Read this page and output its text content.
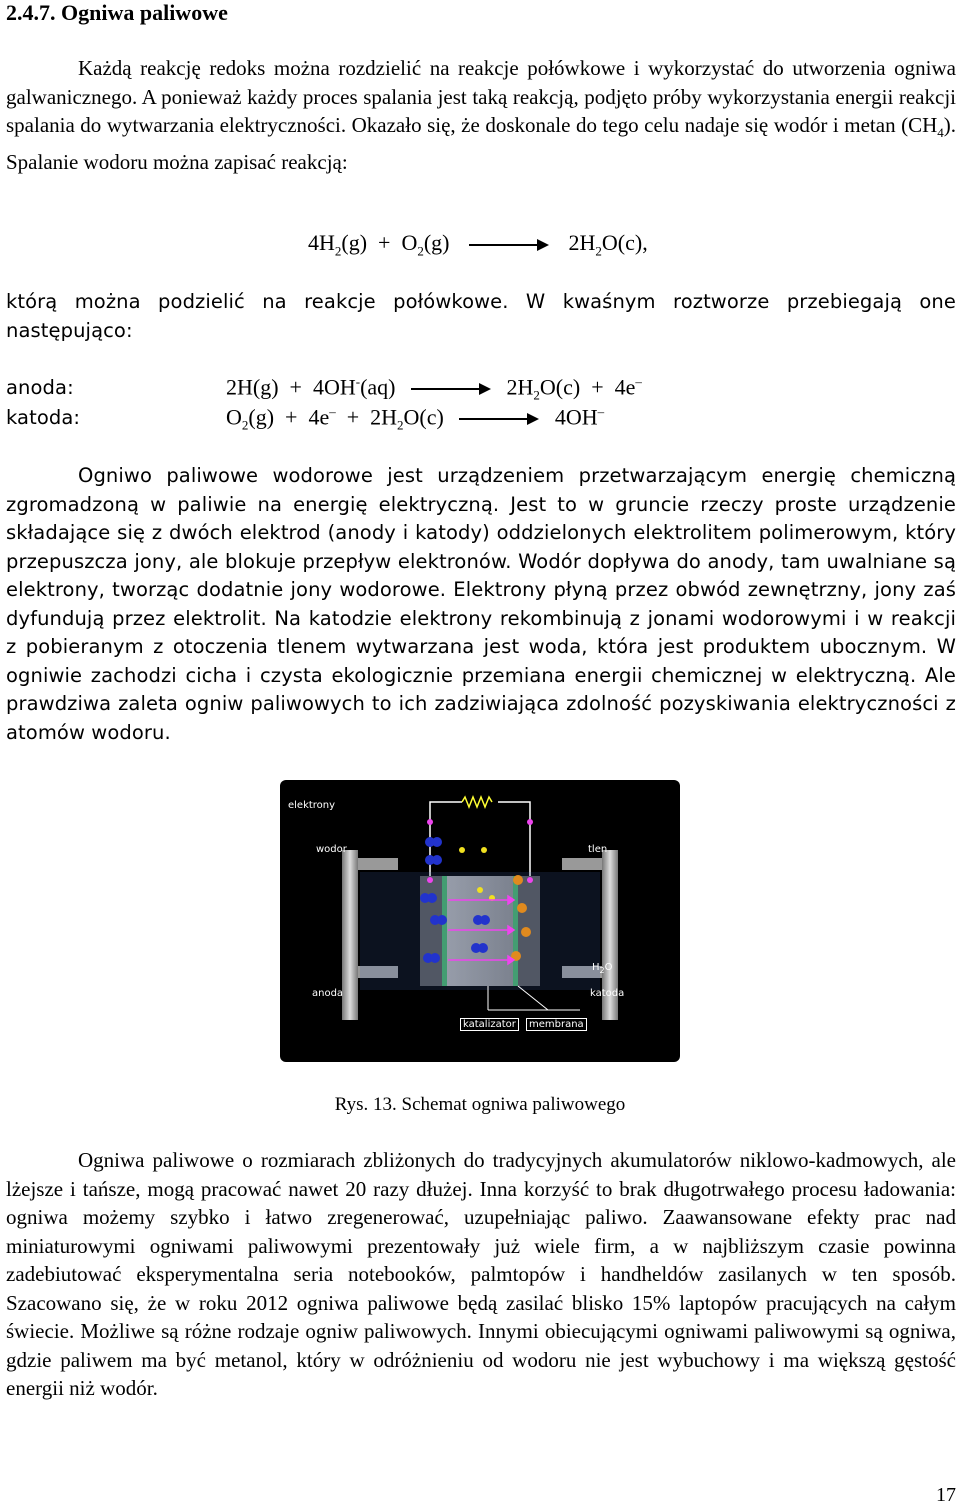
2.4.7. Ogniwa paliwowe
Każdą reakcję redoks można rozdzielić na reakcje połówkowe i wykorzystać do utworzenia ogniwa galwanicznego. A ponieważ każdy proces spalania jest taką reakcją, podjęto próby wykorzystania energii reakcji spalania do wytwarzania elektryczności. Okazało się, że doskonale do tego celu nadaje się wodór i metan $(CH_4)$. Spalanie wodoru można zapisać reakcją:
$4H_2(g) + O_2(g)$	$2H_2O(c)$,
którą można podzielić na reakcje połówkowe. W kwaśnym roztworze przebiegają one następująco:
anoda:	2H(g)  +  4OH-(aq)	$2H_2O(c) + 4e^-$
katoda:	$O_2(g) + 4e^- + 2H_2O(c)$	4OH–
Ogniwo paliwowe wodorowe jest urządzeniem przetwarzającym energię chemiczną zgromadzoną w paliwie na energię elektryczną. Jest to w gruncie rzeczy proste urządzenie składające się z dwóch elektrod (anody i katody) oddzielonych elektrolitem polimerowym, który przepuszcza jony, ale blokuje przepływ elektronów. Wodór dopływa do anody, tam uwalniane są elektrony, tworząc dodatnie jony wodorowe. Elektrony płyną przez obwód zewnętrzny, jony zaś dyfundują przez elektrolit. Na katodzie elektrony rekombinują z jonami wodorowymi i w reakcji z pobieranym z otoczenia tlenem wytwarzana jest woda, która jest produktem ubocznym. W ogniwie zachodzi cicha i czysta ekologicznie przemiana energii chemicznej w elektryczną. Ale prawdziwa zaleta ogniw paliwowych to ich zadziwiająca zdolność pozyskiwania elektryczności z atomów wodoru.
elektrony
wodor	tlen
$H_2O$
anoda	katoda
katalizator	membrana
Rys. 13. Schemat ogniwa paliwowego
Ogniwa paliwowe o rozmiarach zbliżonych do tradycyjnych akumulatorów niklowo-kadmowych, ale lżejsze i tańsze, mogą pracować nawet 20 razy dłużej. Inna korzyść to brak długotrwałego procesu ładowania: ogniwa możemy szybko i łatwo zregenerować, uzupełniając paliwo. Zaawansowane efekty prac nad miniaturowymi ogniwami paliwowymi prezentowały już wiele firm, a w najbliższym czasie powinna zadebiutować eksperymentalna seria notebooków, palmtopów i handheldów zasilanych w ten sposób. Szacowano się, że w roku 2012 ogniwa paliwowe będą zasilać blisko 15% laptopów pracujących na całym świecie. Możliwe są różne rodzaje ogniw paliwowych. Innymi obiecującymi ogniwami paliwowymi są ogniwa, gdzie paliwem ma być metanol, który w odróżnieniu od wodoru nie jest wybuchowy i ma większą gęstość energii niż wodór.
17
